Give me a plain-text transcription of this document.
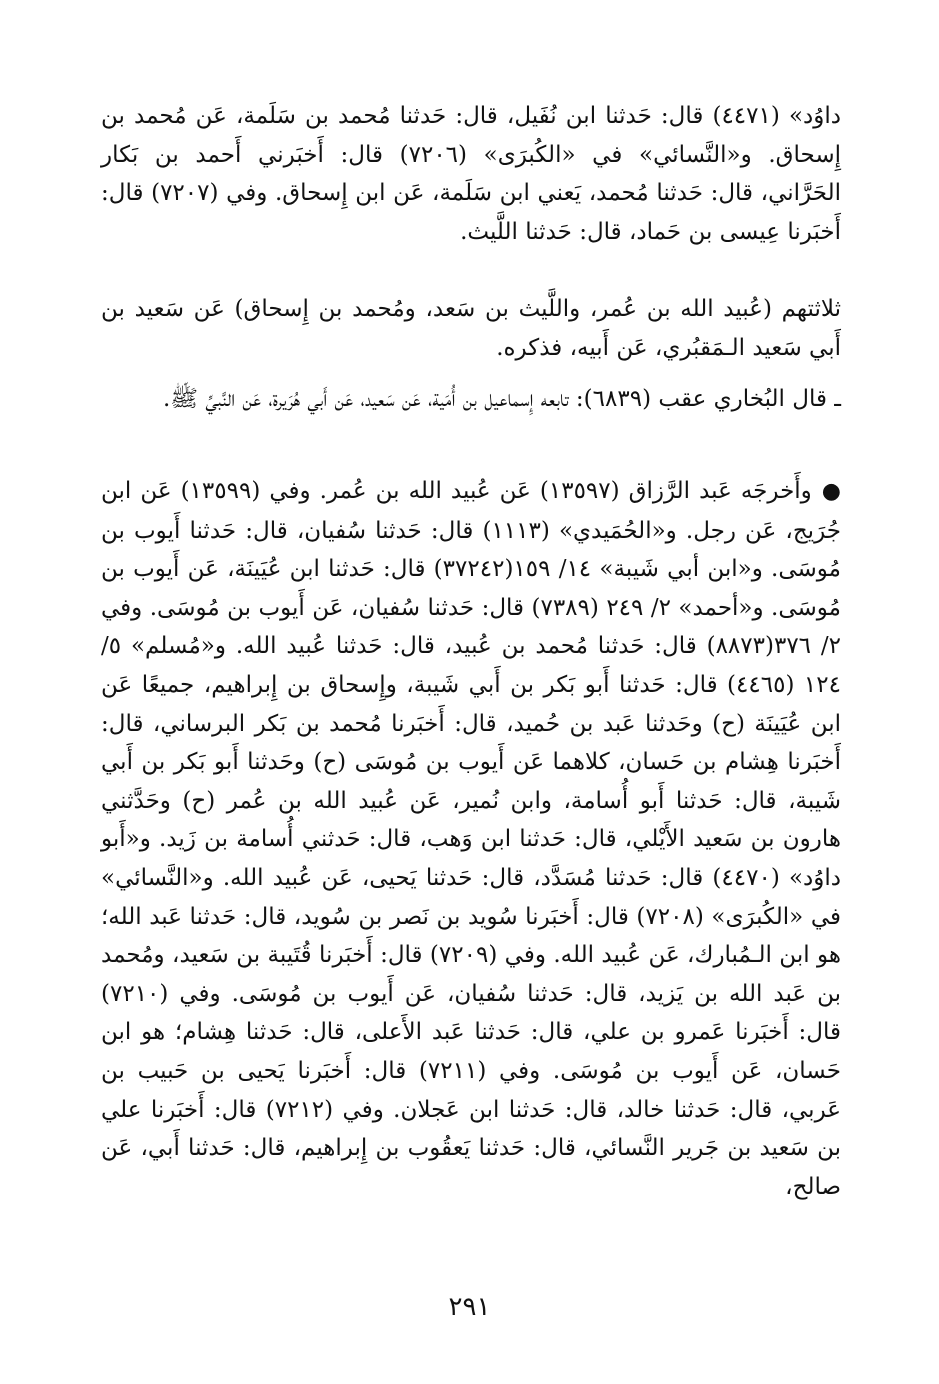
داوُد» (٤٤٧١) قال: حَدثنا ابن نُفَيل، قال: حَدثنا مُحمد بن سَلَمة، عَن مُحمد بن إِسحاق. و«النَّسائي» في «الكُبرَى» (٧٢٠٦) قال: أَخبَرني أَحمد بن بَكار الحَرَّاني، قال: حَدثنا مُحمد، يَعني ابن سَلَمة، عَن ابن إِسحاق. وفي (٧٢٠٧) قال: أَخبَرنا عِيسى بن حَماد، قال: حَدثنا اللَّيث.

ثلاثتهم (عُبيد الله بن عُمر، واللَّيث بن سَعد، ومُحمد بن إِسحاق) عَن سَعيد بن أَبي سَعيد الـمَقبُري، عَن أَبيه، فذكره.

ـ قال البُخاري عقب (٦٨٣٩): تابعه إِسماعيل بن أُمَية، عَن سَعيد، عَن أَبي هُرَيرة، عَن النَّبيِّ ﷺ.

●وأَخرجَه عَبد الرَّزاق (١٣٥٩٧) عَن عُبيد الله بن عُمر. وفي (١٣٥٩٩) عَن ابن جُرَيج، عَن رجل. و«الحُمَيدي» (١١١٣) قال: حَدثنا سُفيان، قال: حَدثنا أَيوب بن مُوسَى. و«ابن أبي شَيبة» ١٤/ ١٥٩(٣٧٢٤٢) قال: حَدثنا ابن عُيَينَة، عَن أَيوب بن مُوسَى. و«أحمد» ٢/ ٢٤٩ (٧٣٨٩) قال: حَدثنا سُفيان، عَن أَيوب بن مُوسَى. وفي ٢/ ٣٧٦(٨٨٧٣) قال: حَدثنا مُحمد بن عُبيد، قال: حَدثنا عُبيد الله. و«مُسلم» ٥/ ١٢٤ (٤٤٦٥) قال: حَدثنا أَبو بَكر بن أَبي شَيبة، وإِسحاق بن إِبراهيم، جميعًا عَن ابن عُيَينَة (ح) وحَدثنا عَبد بن حُميد، قال: أَخبَرنا مُحمد بن بَكر البرساني، قال: أَخبَرنا هِشام بن حَسان، كلاهما عَن أَيوب بن مُوسَى (ح) وحَدثنا أَبو بَكر بن أَبي شَيبة، قال: حَدثنا أَبو أُسامة، وابن نُمير، عَن عُبيد الله بن عُمر (ح) وحَدَّثني هارون بن سَعيد الأَيْلي، قال: حَدثنا ابن وَهب، قال: حَدثني أُسامة بن زَيد. و«أَبو داوُد» (٤٤٧٠) قال: حَدثنا مُسَدَّد، قال: حَدثنا يَحيى، عَن عُبيد الله. و«النَّسائي» في «الكُبرَى» (٧٢٠٨) قال: أَخبَرنا سُويد بن نَصر بن سُويد، قال: حَدثنا عَبد الله؛ هو ابن الـمُبارك، عَن عُبيد الله. وفي (٧٢٠٩) قال: أَخبَرنا قُتَيبة بن سَعيد، ومُحمد بن عَبد الله بن يَزيد، قال: حَدثنا سُفيان، عَن أَيوب بن مُوسَى. وفي (٧٢١٠) قال: أَخبَرنا عَمرو بن علي، قال: حَدثنا عَبد الأَعلى، قال: حَدثنا هِشام؛ هو ابن حَسان، عَن أَيوب بن مُوسَى. وفي (٧٢١١) قال: أَخبَرنا يَحيى بن حَبيب بن عَربي، قال: حَدثنا خالد، قال: حَدثنا ابن عَجلان. وفي (٧٢١٢) قال: أَخبَرنا علي بن سَعيد بن جَرير النَّسائي، قال: حَدثنا يَعقُوب بن إِبراهيم، قال: حَدثنا أَبي، عَن صالح،

٢٩١
